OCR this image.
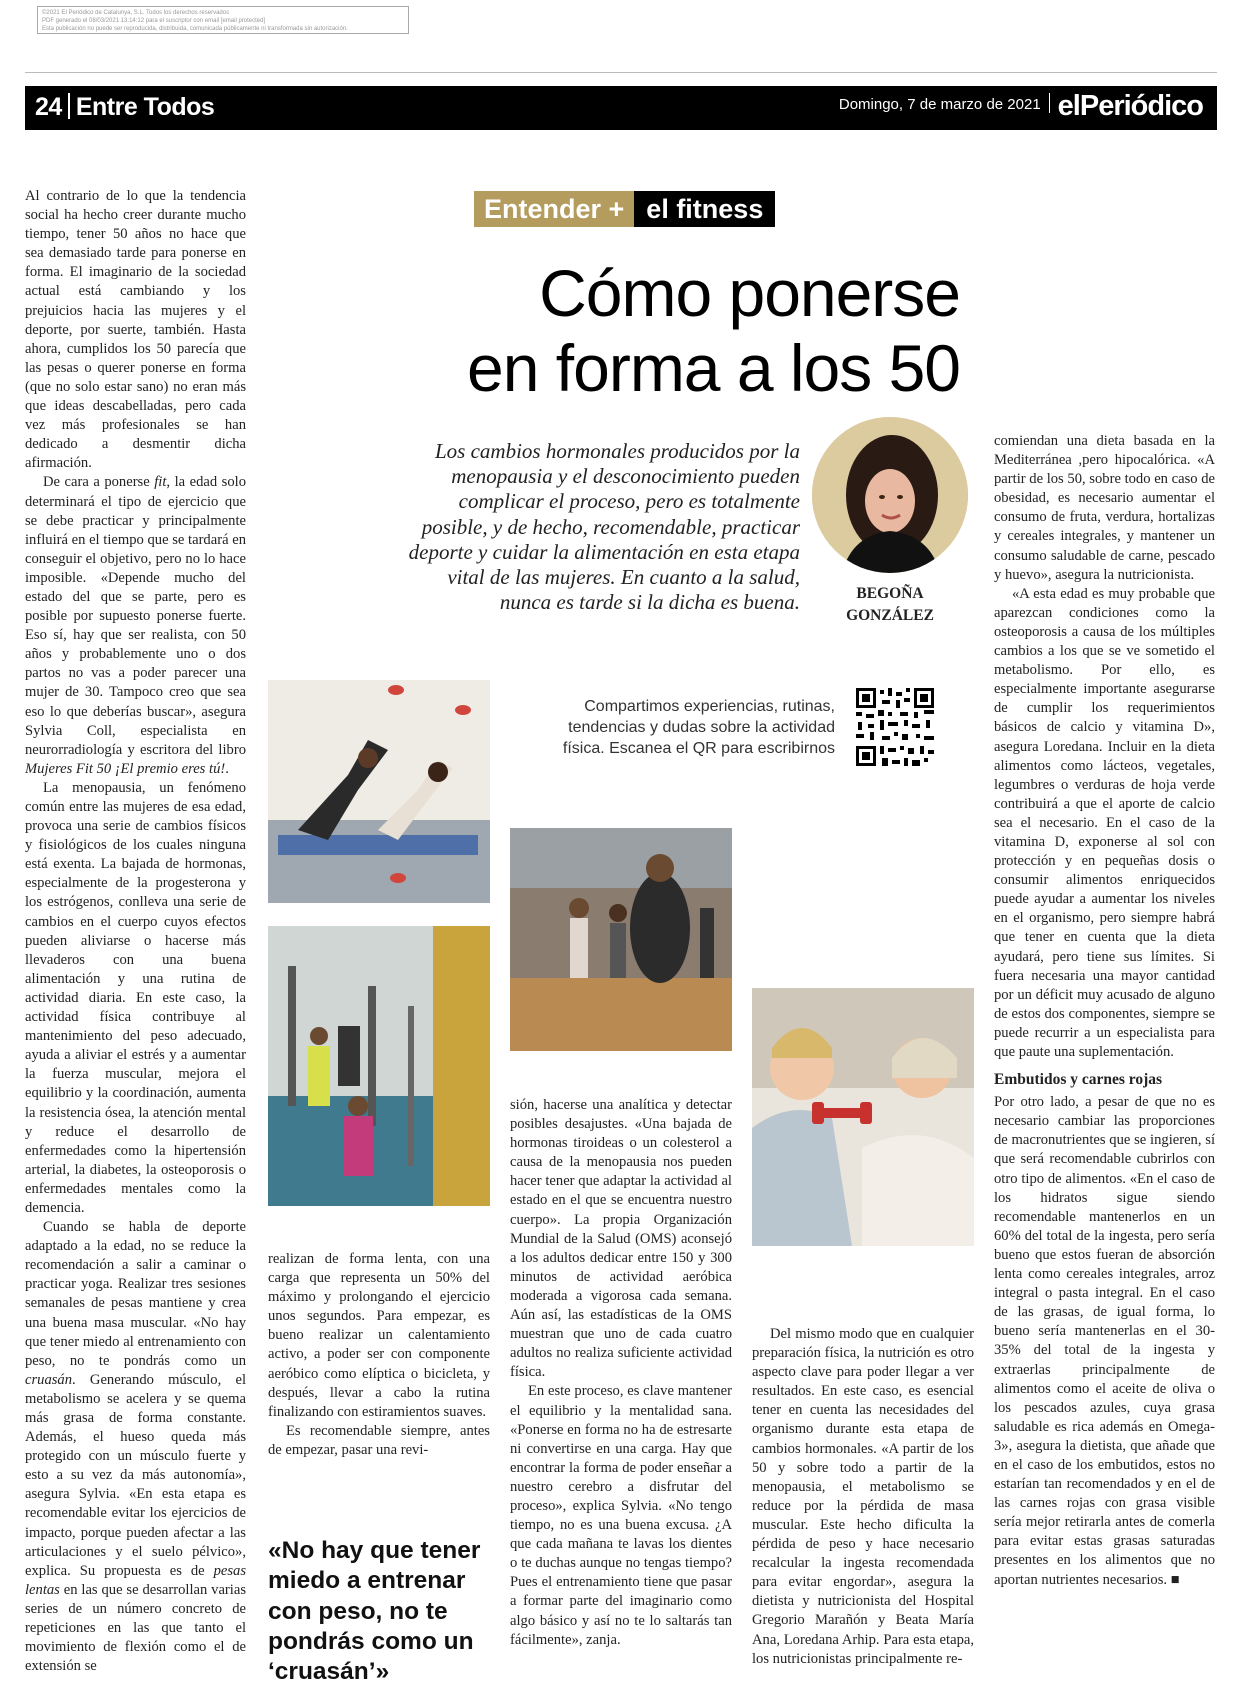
©2021 El Periódico de Catalunya, S.L. Todos los derechos reservados
PDF generado el 08/03/2021 13:14:12 para el suscriptor con email [email protected]
Esta publicación no puede ser reproducida, distribuida, comunicada públicamente ni transformada sin autorización.
24 Entre Todos	Domingo, 7 de marzo de 2021 elPeriódico
Entender + el fitness
Cómo ponerse
en forma a los 50
Los cambios hormonales producidos por la menopausia y el desconocimiento pueden complicar el proceso, pero es totalmente posible, y de hecho, recomendable, practicar deporte y cuidar la alimentación en esta etapa vital de las mujeres. En cuanto a la salud, nunca es tarde si la dicha es buena.	BEGOÑA
GONZÁLEZ
Compartimos experiencias, rutinas, tendencias y dudas sobre la actividad física. Escanea el QR para escribirnos

Al contrario de lo que la tendencia social ha hecho creer durante mucho tiempo, tener 50 años no hace que sea demasiado tarde para ponerse en forma. El imaginario de la sociedad actual está cambiando y los prejuicios hacia las mujeres y el deporte, por suerte, también. Hasta ahora, cumplidos los 50 parecía que las pesas o querer ponerse en forma (que no solo estar sano) no eran más que ideas descabelladas, pero cada vez más profesionales se han dedicado a desmentir dicha afirmación.

De cara a ponerse fit, la edad solo determinará el tipo de ejercicio que se debe practicar y principalmente influirá en el tiempo que se tardará en conseguir el objetivo, pero no lo hace imposible. «Depende mucho del estado del que se parte, pero es posible por supuesto ponerse fuerte. Eso sí, hay que ser realista, con 50 años y probablemente uno o dos partos no vas a poder parecer una mujer de 30. Tampoco creo que sea eso lo que deberías buscar», asegura Sylvia Coll, especialista en neurorradiología y escritora del libro Mujeres Fit 50 ¡El premio eres tú!.

La menopausia, un fenómeno común entre las mujeres de esa edad, provoca una serie de cambios físicos y fisiológicos de los cuales ninguna está exenta. La bajada de hormonas, especialmente de la progesterona y los estrógenos, conlleva una serie de cambios en el cuerpo cuyos efectos pueden aliviarse o hacerse más llevaderos con una buena alimentación y una rutina de actividad diaria. En este caso, la actividad física contribuye al mantenimiento del peso adecuado, ayuda a aliviar el estrés y a aumentar la fuerza muscular, mejora el equilibrio y la coordinación, aumenta la resistencia ósea, la atención mental y reduce el desarrollo de enfermedades como la hipertensión arterial, la diabetes, la osteoporosis o enfermedades mentales como la demencia.

Cuando se habla de deporte adaptado a la edad, no se reduce la recomendación a salir a caminar o practicar yoga. Realizar tres sesiones semanales de pesas mantiene y crea una buena masa muscular. «No hay que tener miedo al entrenamiento con peso, no te pondrás como un cruasán. Generando músculo, el metabolismo se acelera y se quema más grasa de forma constante. Además, el hueso queda más protegido con un músculo fuerte y esto a su vez da más autonomía», asegura Sylvia. «En esta etapa es recomendable evitar los ejercicios de impacto, porque pueden afectar a las articulaciones y el suelo pélvico», explica. Su propuesta es de pesas lentas en las que se desarrollan varias series de un número concreto de repeticiones en las que tanto el movimiento de flexión como el de extensión se

realizan de forma lenta, con una carga que representa un 50% del máximo y prolongando el ejercicio unos segundos. Para empezar, es bueno realizar un calentamiento activo, a poder ser con componente aeróbico como elíptica o bicicleta, y después, llevar a cabo la rutina finalizando con estiramientos suaves.

Es recomendable siempre, antes de empezar, pasar una revi-

«No hay que tener miedo a entrenar con peso, no te pondrás como un ‘cruasán’»

sión, hacerse una analítica y detectar posibles desajustes. «Una bajada de hormonas tiroideas o un colesterol a causa de la menopausia nos pueden hacer tener que adaptar la actividad al estado en el que se encuentra nuestro cuerpo». La propia Organización Mundial de la Salud (OMS) aconsejó a los adultos dedicar entre 150 y 300 minutos de actividad aeróbica moderada a vigorosa cada semana. Aún así, las estadísticas de la OMS muestran que uno de cada cuatro adultos no realiza suficiente actividad física.

En este proceso, es clave mantener el equilibrio y la mentalidad sana. «Ponerse en forma no ha de estresarte ni convertirse en una carga. Hay que encontrar la forma de poder enseñar a nuestro cerebro a disfrutar del proceso», explica Sylvia. «No tengo tiempo, no es una buena excusa. ¿A que cada mañana te lavas los dientes o te duchas aunque no tengas tiempo? Pues el entrenamiento tiene que pasar a formar parte del imaginario como algo básico y así no te lo saltarás tan fácilmente», zanja.

Del mismo modo que en cualquier preparación física, la nutrición es otro aspecto clave para poder llegar a ver resultados. En este caso, es esencial tener en cuenta las necesidades del organismo durante esta etapa de cambios hormonales. «A partir de los 50 y sobre todo a partir de la menopausia, el metabolismo se reduce por la pérdida de masa muscular. Este hecho dificulta la pérdida de peso y hace necesario recalcular la ingesta recomendada para evitar engordar», asegura la dietista y nutricionista del Hospital Gregorio Marañón y Beata María Ana, Loredana Arhip. Para esta etapa, los nutricionistas principalmente re-

comiendan una dieta basada en la Mediterránea ,pero hipocalórica. «A partir de los 50, sobre todo en caso de obesidad, es necesario aumentar el consumo de fruta, verdura, hortalizas y cereales integrales, y mantener un consumo saludable de carne, pescado y huevo», asegura la nutricionista.

«A esta edad es muy probable que aparezcan condiciones como la osteoporosis a causa de los múltiples cambios a los que se ve sometido el metabolismo. Por ello, es especialmente importante asegurarse de cumplir los requerimientos básicos de calcio y vitamina D», asegura Loredana. Incluir en la dieta alimentos como lácteos, vegetales, legumbres o verduras de hoja verde contribuirá a que el aporte de calcio sea el necesario. En el caso de la vitamina D, exponerse al sol con protección y en pequeñas dosis o consumir alimentos enriquecidos puede ayudar a aumentar los niveles en el organismo, pero siempre habrá que tener en cuenta que la dieta ayudará, pero tiene sus límites. Si fuera necesaria una mayor cantidad por un déficit muy acusado de alguno de estos dos componentes, siempre se puede recurrir a un especialista para que paute una suplementación.

Embutidos y carnes rojas

Por otro lado, a pesar de que no es necesario cambiar las proporciones de macronutrientes que se ingieren, sí que será recomendable cubrirlos con otro tipo de alimentos. «En el caso de los hidratos sigue siendo recomendable mantenerlos en un 60% del total de la ingesta, pero sería bueno que estos fueran de absorción lenta como cereales integrales, arroz integral o pasta integral. En el caso de las grasas, de igual forma, lo bueno sería mantenerlas en el 30-35% del total de la ingesta y extraerlas principalmente de alimentos como el aceite de oliva o los pescados azules, cuya grasa saludable es rica además en Omega-3», asegura la dietista, que añade que en el caso de los embutidos, estos no estarían tan recomendados y en el de las carnes rojas con grasa visible sería mejor retirarla antes de comerla para evitar estas grasas saturadas presentes en los alimentos que no aportan nutrientes necesarios. ■
